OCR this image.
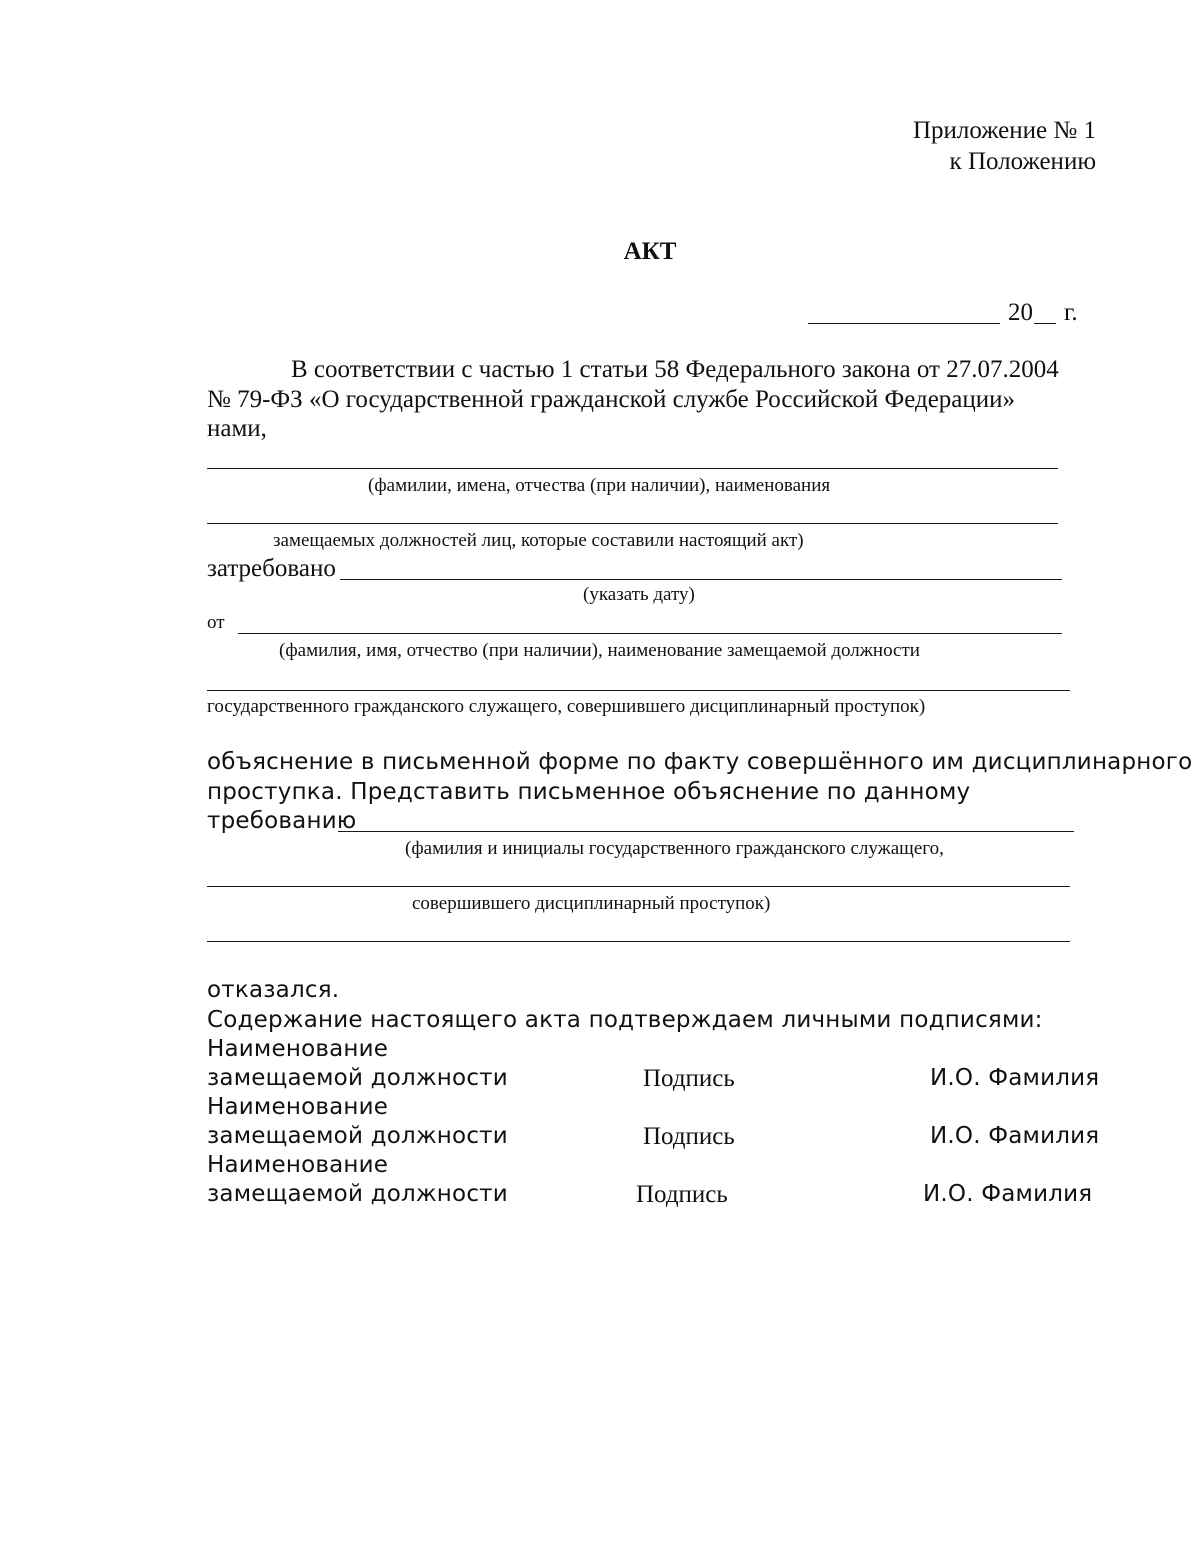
Приложение № 1
к Положению
АКТ
20 г.
В соответствии с частью 1 статьи 58 Федерального закона от 27.07.2004
№ 79-ФЗ «О государственной гражданской службе Российской Федерации»
нами,
(фамилии, имена, отчества (при наличии), наименования
замещаемых должностей лиц, которые составили настоящий акт)
затребовано
(указать дату)
от
(фамилия, имя, отчество (при наличии), наименование замещаемой должности
государственного гражданского служащего, совершившего дисциплинарный проступок)
объяснение в письменной форме по факту совершённого им дисциплинарного
проступка. Представить письменное объяснение по данному
требованию
(фамилия и инициалы государственного гражданского служащего,
совершившего дисциплинарный проступок)
отказался.
Содержание настоящего акта подтверждаем личными подписями:
Наименование
замещаемой должности	Подпись	И.О. Фамилия
Наименование
замещаемой должности	Подпись	И.О. Фамилия
Наименование
замещаемой должности	Подпись	И.О. Фамилия
